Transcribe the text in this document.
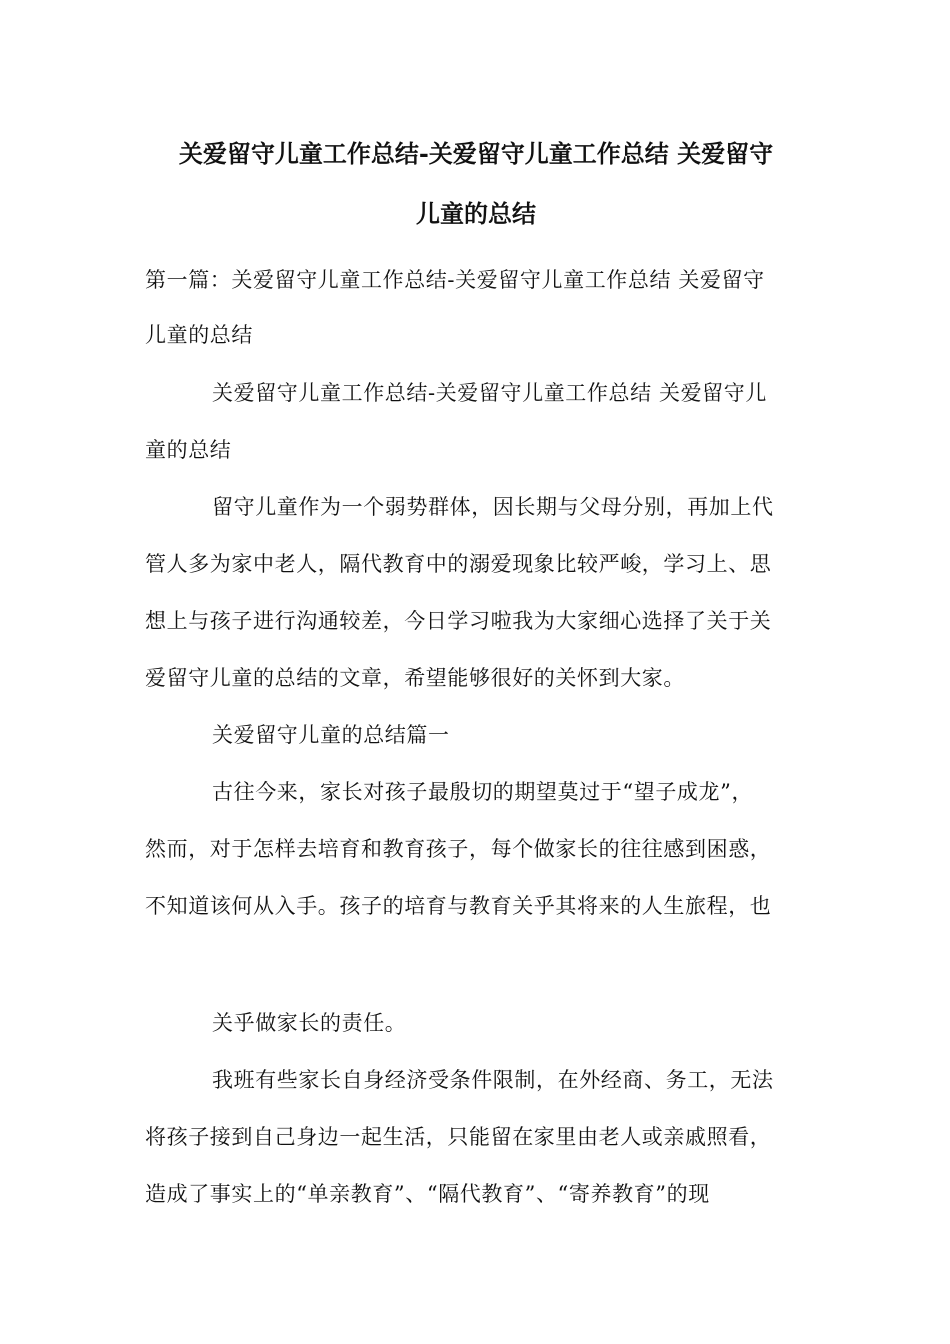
关爱留守儿童工作总结-关爱留守儿童工作总结 关爱留守
儿童的总结
第一篇：关爱留守儿童工作总结-关爱留守儿童工作总结 关爱留守
儿童的总结
关爱留守儿童工作总结-关爱留守儿童工作总结 关爱留守儿
童的总结
留守儿童作为一个弱势群体，因长期与父母分别，再加上代
管人多为家中老人，隔代教育中的溺爱现象比较严峻，学习上、思
想上与孩子进行沟通较差，今日学习啦我为大家细心选择了关于关
爱留守儿童的总结的文章，希望能够很好的关怀到大家。
关爱留守儿童的总结篇一
古往今来，家长对孩子最殷切的期望莫过于“望子成龙”，
然而，对于怎样去培育和教育孩子，每个做家长的往往感到困惑，
不知道该何从入手。孩子的培育与教育关乎其将来的人生旅程，也
关乎做家长的责任。
我班有些家长自身经济受条件限制，在外经商、务工，无法
将孩子接到自己身边一起生活，只能留在家里由老人或亲戚照看，
造成了事实上的“单亲教育”、“隔代教育”、“寄养教育”的现
